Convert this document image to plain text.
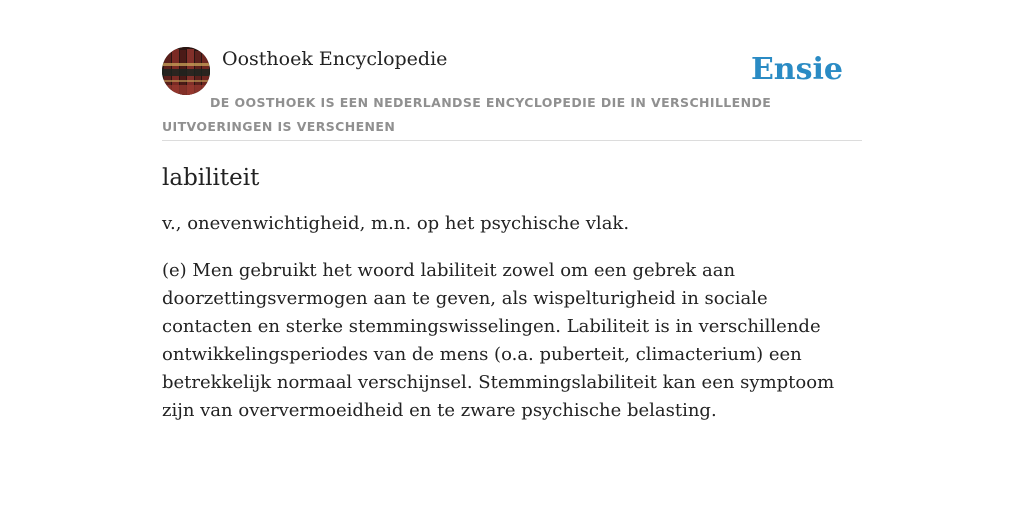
Oosthoek Encyclopedie	Ensie
DE OOSTHOEK IS EEN NEDERLANDSE ENCYCLOPEDIE DIE IN VERSCHILLENDE UITVOERINGEN IS VERSCHENEN
labiliteit

v., onevenwichtigheid, m.n. op het psychische vlak.

(e) Men gebruikt het woord labiliteit zowel om een gebrek aan doorzettingsvermogen aan te geven, als wispelturigheid in sociale contacten en sterke stemmingswisselingen. Labiliteit is in verschillende ontwikkelingsperiodes van de mens (o.a. puberteit, climacterium) een betrekkelijk normaal verschijnsel. Stemmingslabiliteit kan een symptoom zijn van oververmoeidheid en te zware psychische belasting.
